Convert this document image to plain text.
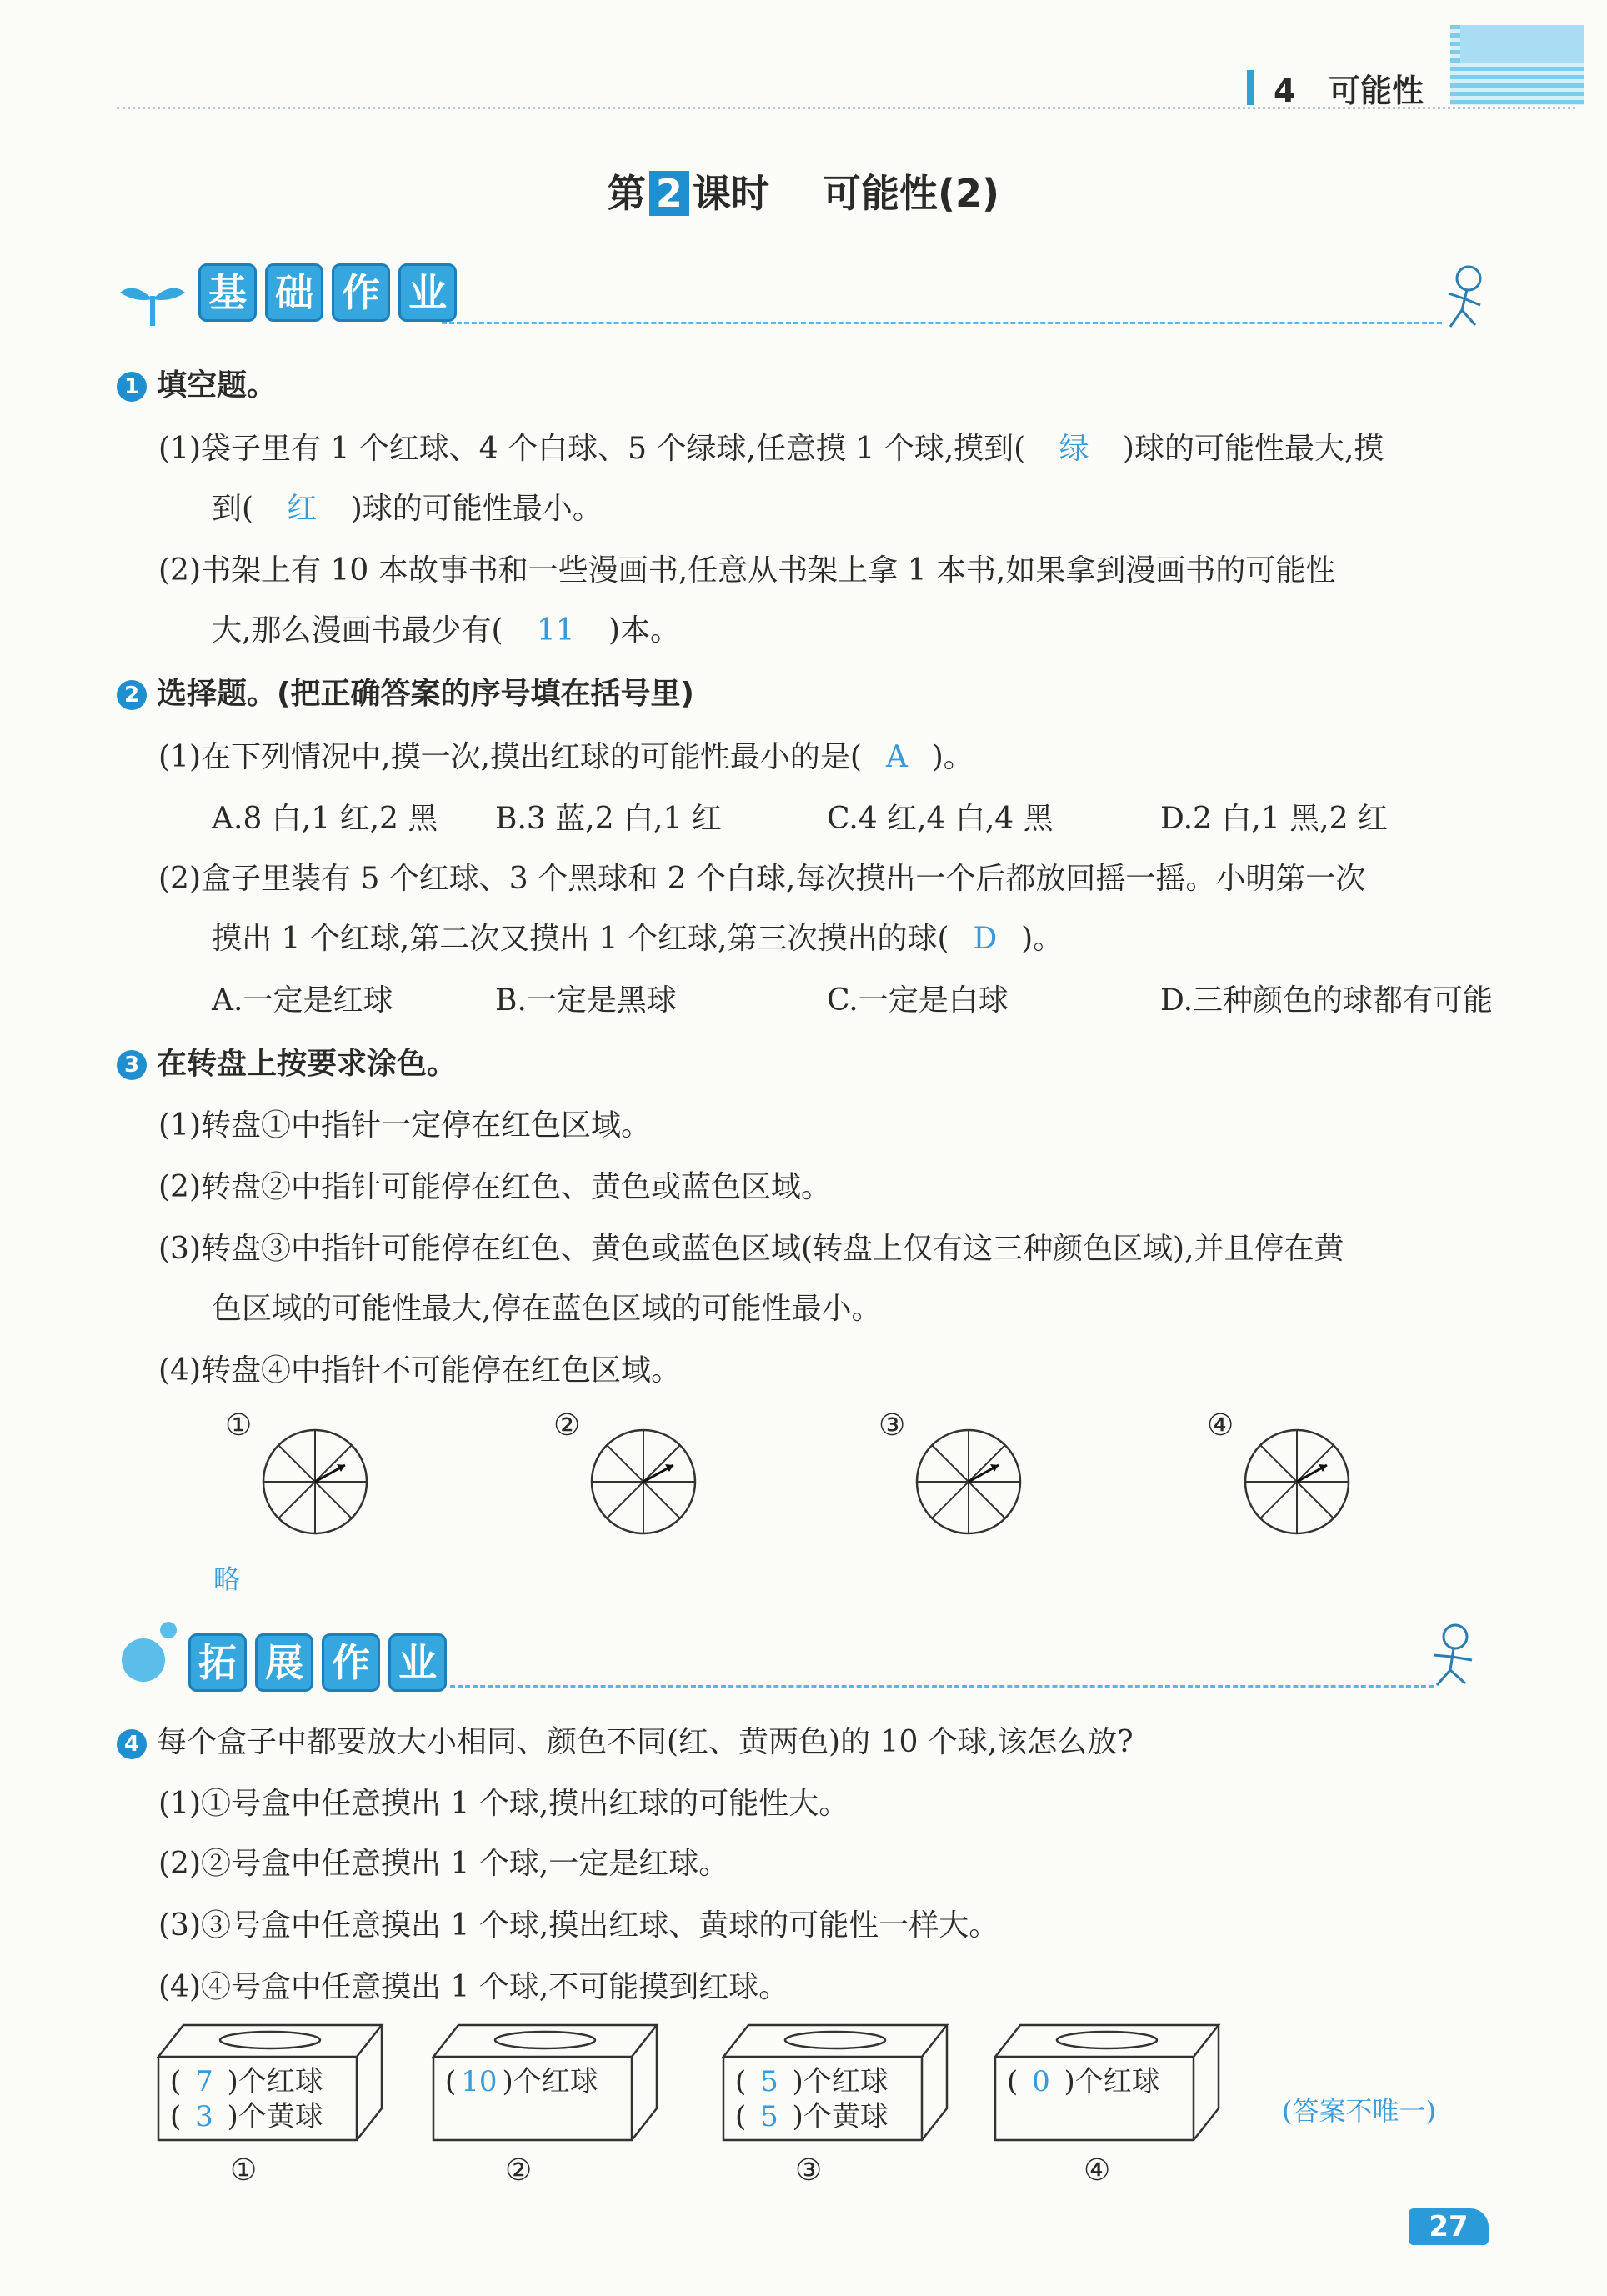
4 可能性
第 2 课时 可能性(2)
基 础 作 业
1 填空题。
(1)袋子里有 1 个红球、4 个白球、5 个绿球,任意摸 1 个球,摸到( 绿 )球的可能性最大,摸
到( 红 )球的可能性最小。
(2)书架上有 10 本故事书和一些漫画书,任意从书架上拿 1 本书,如果拿到漫画书的可能性
大,那么漫画书最少有( 11 )本。
2 选择题。(把正确答案的序号填在括号里)
(1)在下列情况中,摸一次,摸出红球的可能性最小的是( A )。
A.8 白,1 红,2 黑 B.3 蓝,2 白,1 红	C.4 红,4 白,4 黑	D.2 白,1 黑,2 红
(2)盒子里装有 5 个红球、3 个黑球和 2 个白球,每次摸出一个后都放回摇一摇。小明第一次
摸出 1 个红球,第二次又摸出 1 个红球,第三次摸出的球( D )。
A.一定是红球	B.一定是黑球	C.一定是白球	D.三种颜色的球都有可能
3 在转盘上按要求涂色。
(1)转盘①中指针一定停在红色区域。
(2)转盘②中指针可能停在红色、黄色或蓝色区域。
(3)转盘③中指针可能停在红色、黄色或蓝色区域(转盘上仅有这三种颜色区域),并且停在黄
色区域的可能性最大,停在蓝色区域的可能性最小。
(4)转盘④中指针不可能停在红色区域。
①	②	③	④
略
拓 展 作 业
4 每个盒子中都要放大小相同、颜色不同(红、黄两色)的 10 个球,该怎么放?
(1)①号盒中任意摸出 1 个球,摸出红球的可能性大。
(2)②号盒中任意摸出 1 个球,一定是红球。
(3)③号盒中任意摸出 1 个球,摸出红球、黄球的可能性一样大。
(4)④号盒中任意摸出 1 个球,不可能摸到红球。
( 7 )个红球
( 3 )个黄球
①
( 10 )个红球
②
( 5 )个红球
( 5 )个黄球
③
( 0 )个红球
④
(答案不唯一)
27
